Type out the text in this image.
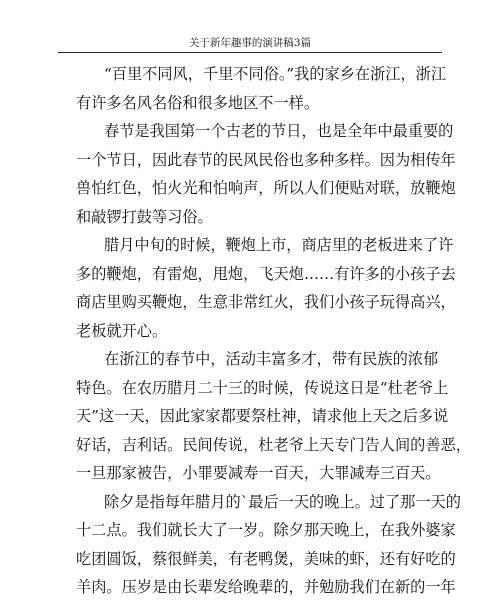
关于新年趣事的演讲稿3篇
“百里不同风，千里不同俗。”我的家乡在浙江，浙江
有许多名风名俗和很多地区不一样。
春节是我国第一个古老的节日，也是全年中最重要的
一个节日，因此春节的民风民俗也多种多样。因为相传年
兽怕红色，怕火光和怕响声，所以人们便贴对联，放鞭炮
和敲锣打鼓等习俗。
腊月中旬的时候，鞭炮上市，商店里的老板进来了许
多的鞭炮，有雷炮，甩炮，飞天炮……有许多的小孩子去
商店里购买鞭炮，生意非常红火，我们小孩子玩得高兴，
老板就开心。
在浙江的春节中，活动丰富多才，带有民族的浓郁
特色。在农历腊月二十三的时候，传说这日是“杜老爷上
天”这一天，因此家家都要祭杜神，请求他上天之后多说
好话，吉利话。民间传说，杜老爷上天专门告人间的善恶，
一旦那家被告，小罪要减寿一百天，大罪减寿三百天。
除夕是指每年腊月的`最后一天的晚上。过了那一天的
十二点。我们就长大了一岁。除夕那天晚上，在我外婆家
吃团圆饭，蔡很鲜美，有老鸭煲，美味的虾，还有好吃的
羊肉。压岁是由长辈发给晚辈的，并勉励我们在新的一年
